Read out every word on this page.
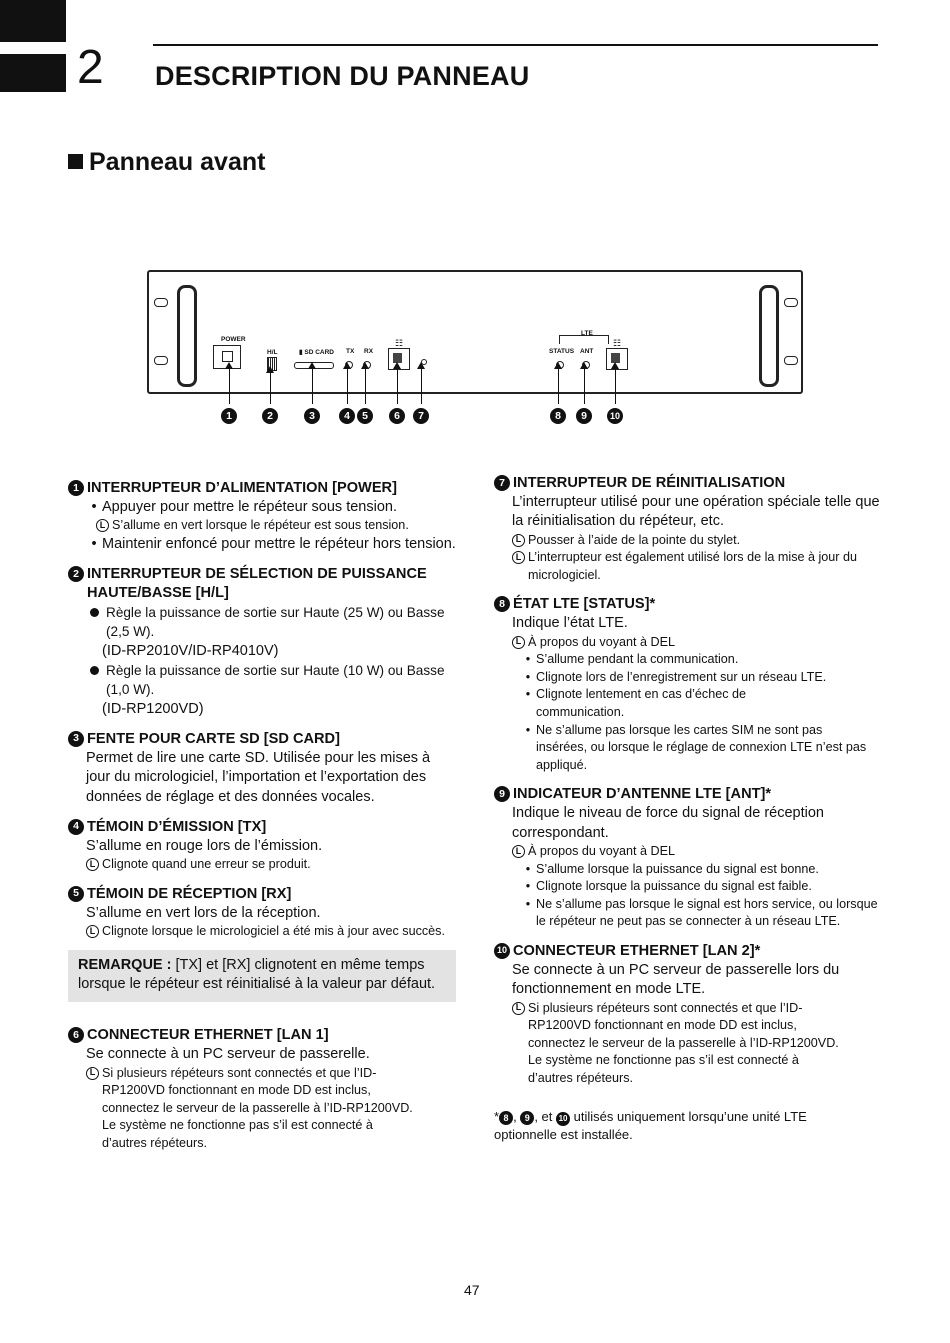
2 DESCRIPTION DU PANNEAU
Panneau avant
POWER
H/L	▮ SD CARD TX RX
☷
LTE
STATUS ANT
☷
1	2	3	4	5	6	7	8	9	10
1 INTERRUPTEUR D’ALIMENTATION [POWER]
• Appuyer pour mettre le répéteur sous tension.
L S’allume en vert lorsque le répéteur est sous tension.
• Maintenir enfoncé pour mettre le répéteur hors tension.
2 INTERRUPTEUR DE SÉLECTION DE PUISSANCE HAUTE/BASSE [H/L]
Règle la puissance de sortie sur Haute (25 W) ou Basse (2,5 W).
(ID-RP2010V/ID-RP4010V)
Règle la puissance de sortie sur Haute (10 W) ou Basse (1,0 W).
(ID-RP1200VD)
3 FENTE POUR CARTE SD [SD CARD]
Permet de lire une carte SD. Utilisée pour les mises à jour du micrologiciel, l’importation et l’exportation des données de réglage et des données vocales.
4 TÉMOIN D’ÉMISSION [TX]
S’allume en rouge lors de l’émission.
L Clignote quand une erreur se produit.
5 TÉMOIN DE RÉCEPTION [RX]
S’allume en vert lors de la réception.
L Clignote lorsque le micrologiciel a été mis à jour avec succès.
REMARQUE : [TX] et [RX] clignotent en même temps lorsque le répéteur est réinitialisé à la valeur par défaut.
6 CONNECTEUR ETHERNET [LAN 1]
Se connecte à un PC serveur de passerelle.
L Si plusieurs répéteurs sont connectés et que l’ID-RP1200VD fonctionnant en mode DD est inclus, connectez le serveur de la passerelle à l’ID-RP1200VD. Le système ne fonctionne pas s’il est connecté à d’autres répéteurs.
7 INTERRUPTEUR DE RÉINITIALISATION
L’interrupteur utilisé pour une opération spéciale telle que la réinitialisation du répéteur, etc.
L Pousser à l’aide de la pointe du stylet.
L L’interrupteur est également utilisé lors de la mise à jour du micrologiciel.
8 ÉTAT LTE [STATUS]*
Indique l’état LTE.
L À propos du voyant à DEL
• S’allume pendant la communication.
• Clignote lors de l’enregistrement sur un réseau LTE.
• Clignote lentement en cas d’échec de communication.
• Ne s’allume pas lorsque les cartes SIM ne sont pas insérées, ou lorsque le réglage de connexion LTE n’est pas appliqué.
9 INDICATEUR D’ANTENNE LTE [ANT]*
Indique le niveau de force du signal de réception correspondant.
L À propos du voyant à DEL
• S’allume lorsque la puissance du signal est bonne.
• Clignote lorsque la puissance du signal est faible.
• Ne s’allume pas lorsque le signal est hors service, ou lorsque le répéteur ne peut pas se connecter à un réseau LTE.
10 CONNECTEUR ETHERNET [LAN 2]*
Se connecte à un PC serveur de passerelle lors du fonctionnement en mode LTE.
L Si plusieurs répéteurs sont connectés et que l’ID-RP1200VD fonctionnant en mode DD est inclus, connectez le serveur de la passerelle à l’ID-RP1200VD. Le système ne fonctionne pas s’il est connecté à d’autres répéteurs.
* 8 , 9 , et 10 utilisés uniquement lorsqu’une unité LTE optionnelle est installée.
47
